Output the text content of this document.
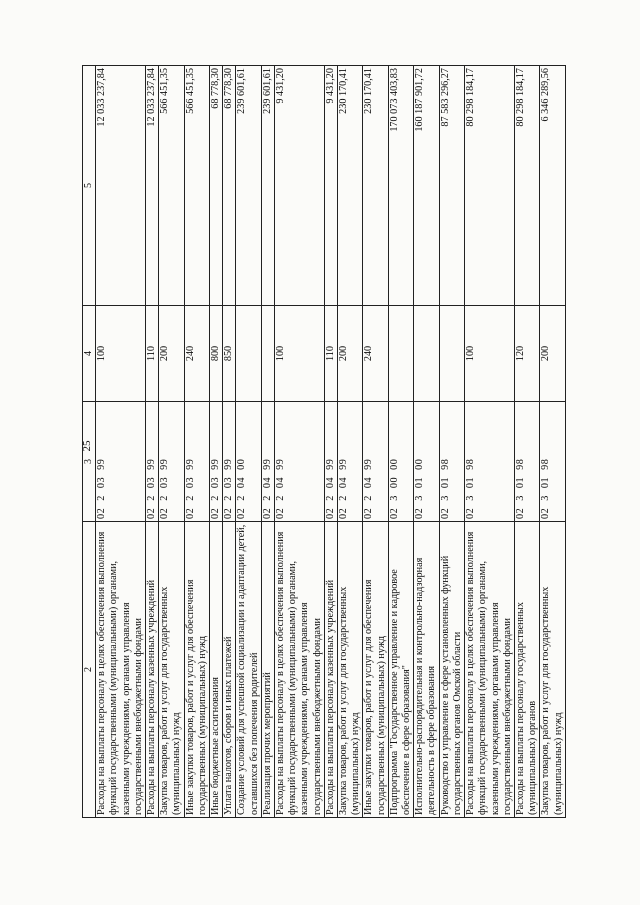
25
2	3	4	5
Расходы на выплаты персоналу в целях обеспечения выполнения функций государственными (муниципальными) органами, казенными учреждениями, органами управления государственными внебюджетными фондами	02 2 03 99	100	12 033 237,84
Расходы на выплаты персоналу казенных учреждений	02 2 03 99	110	12 033 237,84
Закупка товаров, работ и услуг для государственных (муниципальных) нужд	02 2 03 99	200	566 451,35
Иные закупки товаров, работ и услуг для обеспечения государственных (муниципальных) нужд	02 2 03 99	240	566 451,35
Иные бюджетные ассигнования	02 2 03 99	800	68 778,30
Уплата налогов, сборов и иных платежей	02 2 03 99	850	68 778,30
Создание условий для успешной социализации и адаптации детей, оставшихся без попечения родителей	02 2 04 00		239 601,61
Реализация прочих мероприятий	02 2 04 99		239 601,61
Расходы на выплаты персоналу в целях обеспечения выполнения функций государственными (муниципальными) органами, казенными учреждениями, органами управления государственными внебюджетными фондами	02 2 04 99	100	9 431,20
Расходы на выплаты персоналу казенных учреждений	02 2 04 99	110	9 431,20
Закупка товаров, работ и услуг для государственных (муниципальных) нужд	02 2 04 99	200	230 170,41
Иные закупки товаров, работ и услуг для обеспечения государственных (муниципальных) нужд	02 2 04 99	240	230 170,41
Подпрограмма "Государственное управление и кадровое обеспечение в сфере образования"	02 3 00 00		170 073 403,83
Исполнительно-распорядительная и контрольно-надзорная деятельность в сфере образования	02 3 01 00		160 187 901,72
Руководство и управление в сфере установленных функций государственных органов Омской области	02 3 01 98		87 583 296,27
Расходы на выплаты персоналу в целях обеспечения выполнения функций государственными (муниципальными) органами, казенными учреждениями, органами управления государственными внебюджетными фондами	02 3 01 98	100	80 298 184,17
Расходы на выплаты персоналу государственных (муниципальных) органов	02 3 01 98	120	80 298 184,17
Закупка товаров, работ и услуг для государственных (муниципальных) нужд	02 3 01 98	200	6 346 289,56
